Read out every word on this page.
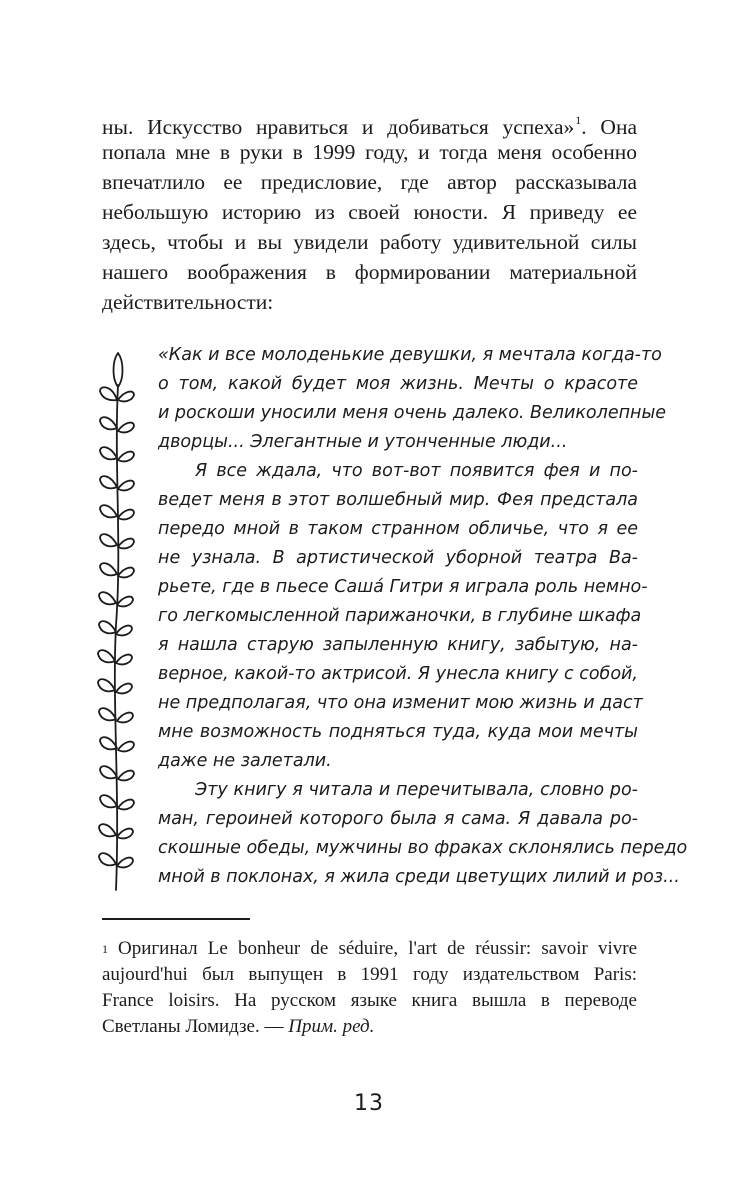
ны. Искусство нравиться и добиваться успеха»$^1$. Она
попала мне в руки в 1999 году, и тогда меня особенно
впечатлило ее предисловие, где автор рассказывала
небольшую историю из своей юности. Я приведу ее
здесь, чтобы и вы увидели работу удивительной силы
нашего воображения в формировании материальной
действительности:
«Как и все молоденькие девушки, я мечтала когда-то
о том, какой будет моя жизнь. Мечты о красоте
и роскоши уносили меня очень далеко. Великолепные
дворцы... Элегантные и утонченные люди...
Я все ждала, что вот-вот появится фея и по-
ведет меня в этот волшебный мир. Фея предстала
передо мной в таком странном обличье, что я ее
не узнала. В артистической уборной театра Ва-
рьете, где в пьесе Сашá Гитри я играла роль немно-
го легкомысленной парижаночки, в глубине шкафа
я нашла старую запыленную книгу, забытую, на-
верное, какой-то актрисой. Я унесла книгу с собой,
не предполагая, что она изменит мою жизнь и даст
мне возможность подняться туда, куда мои мечты
даже не залетали.
Эту книгу я читала и перечитывала, словно ро-
ман, героиней которого была я сама. Я давала ро-
скошные обеды, мужчины во фраках склонялись передо
мной в поклонах, я жила среди цветущих лилий и роз...
1 Оригинал Le bonheur de séduire, l'art de réussir: savoir vivre
aujourd'hui был выпущен в 1991 году издательством Paris:
France loisirs. На русском языке книга вышла в переводе
Светланы Ломидзе. — Прим. ред.
13
